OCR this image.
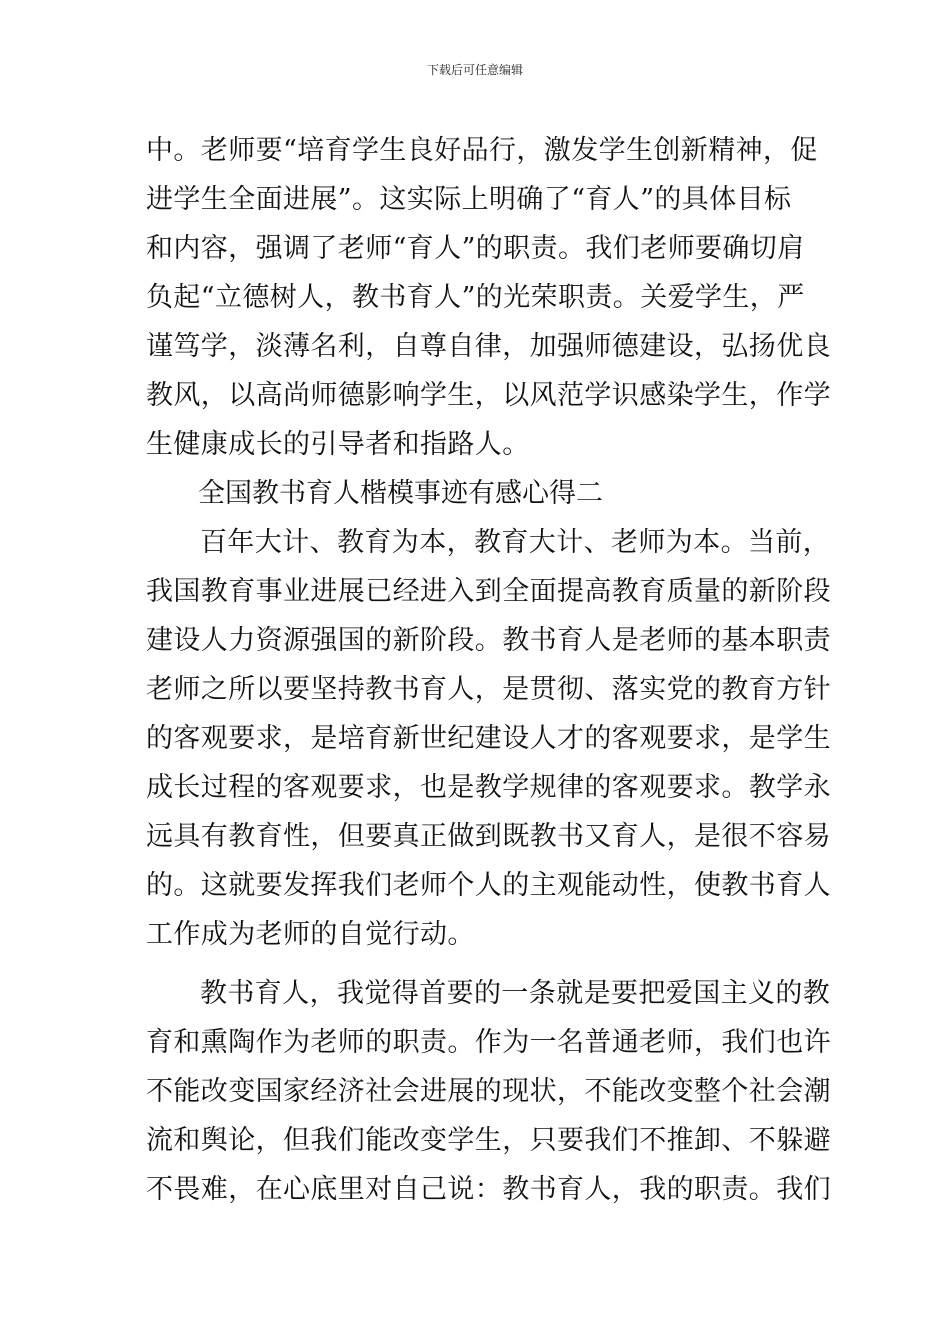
下载后可任意编辑
中。老师要“培育学生良好品行，激发学生创新精神，促
进学生全面进展”。这实际上明确了“育人”的具体目标
和内容，强调了老师“育人”的职责。我们老师要确切肩
负起“立德树人，教书育人”的光荣职责。关爱学生，严
谨笃学，淡薄名利，自尊自律，加强师德建设，弘扬优良
教风，以高尚师德影响学生，以风范学识感染学生，作学
生健康成长的引导者和指路人。
全国教书育人楷模事迹有感心得二
百年大计、教育为本，教育大计、老师为本。当前，
我国教育事业进展已经进入到全面提高教育质量的新阶段
建设人力资源强国的新阶段。教书育人是老师的基本职责
老师之所以要坚持教书育人，是贯彻、落实党的教育方针
的客观要求，是培育新世纪建设人才的客观要求，是学生
成长过程的客观要求，也是教学规律的客观要求。教学永
远具有教育性，但要真正做到既教书又育人，是很不容易
的。这就要发挥我们老师个人的主观能动性，使教书育人
工作成为老师的自觉行动。
教书育人，我觉得首要的一条就是要把爱国主义的教
育和熏陶作为老师的职责。作为一名普通老师，我们也许
不能改变国家经济社会进展的现状，不能改变整个社会潮
流和舆论，但我们能改变学生，只要我们不推卸、不躲避
不畏难，在心底里对自己说：教书育人，我的职责。我们
